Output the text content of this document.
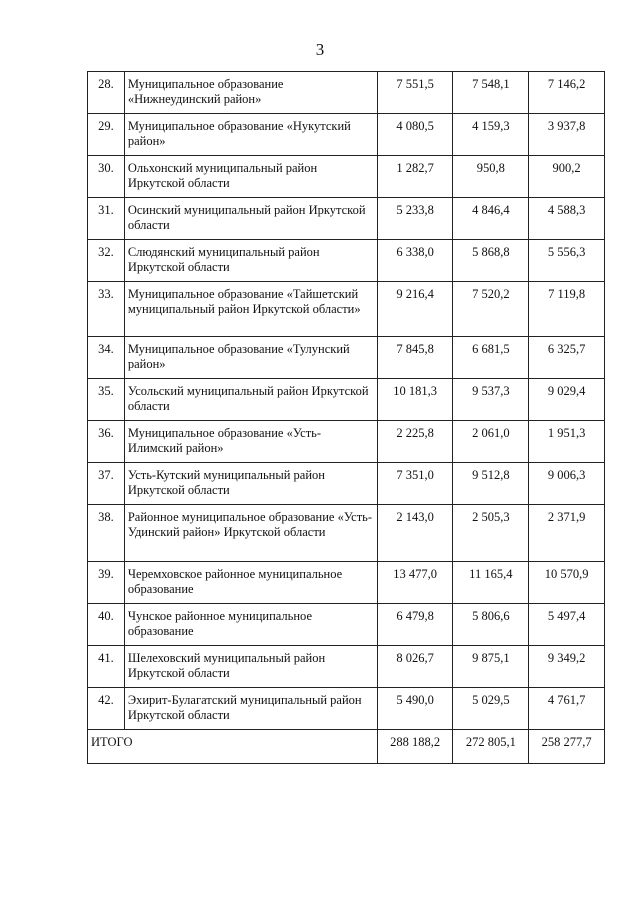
3
28.	Муниципальное образование «Нижнеудинский район»	7 551,5	7 548,1	7 146,2
29.	Муниципальное образование «Нукутский район»	4 080,5	4 159,3	3 937,8
30.	Ольхонский муниципальный район Иркутской области	1 282,7	950,8	900,2
31.	Осинский муниципальный район Иркутской области	5 233,8	4 846,4	4 588,3
32.	Слюдянский муниципальный район Иркутской области	6 338,0	5 868,8	5 556,3
33.	Муниципальное образование «Тайшетский муниципальный район Иркутской области»	9 216,4	7 520,2	7 119,8
34.	Муниципальное образование «Тулунский район»	7 845,8	6 681,5	6 325,7
35.	Усольский муниципальный район Иркутской области	10 181,3	9 537,3	9 029,4
36.	Муниципальное образование «Усть-Илимский район»	2 225,8	2 061,0	1 951,3
37.	Усть-Кутский муниципальный район Иркутской области	7 351,0	9 512,8	9 006,3
38.	Районное муниципальное образование «Усть-Удинский район» Иркутской области	2 143,0	2 505,3	2 371,9
39.	Черемховское районное муниципальное образование	13 477,0	11 165,4	10 570,9
40.	Чунское районное муниципальное образование	6 479,8	5 806,6	5 497,4
41.	Шелеховский муниципальный район Иркутской области	8 026,7	9 875,1	9 349,2
42.	Эхирит-Булагатский муниципальный район Иркутской области	5 490,0	5 029,5	4 761,7
ИТОГО		288 188,2	272 805,1	258 277,7
